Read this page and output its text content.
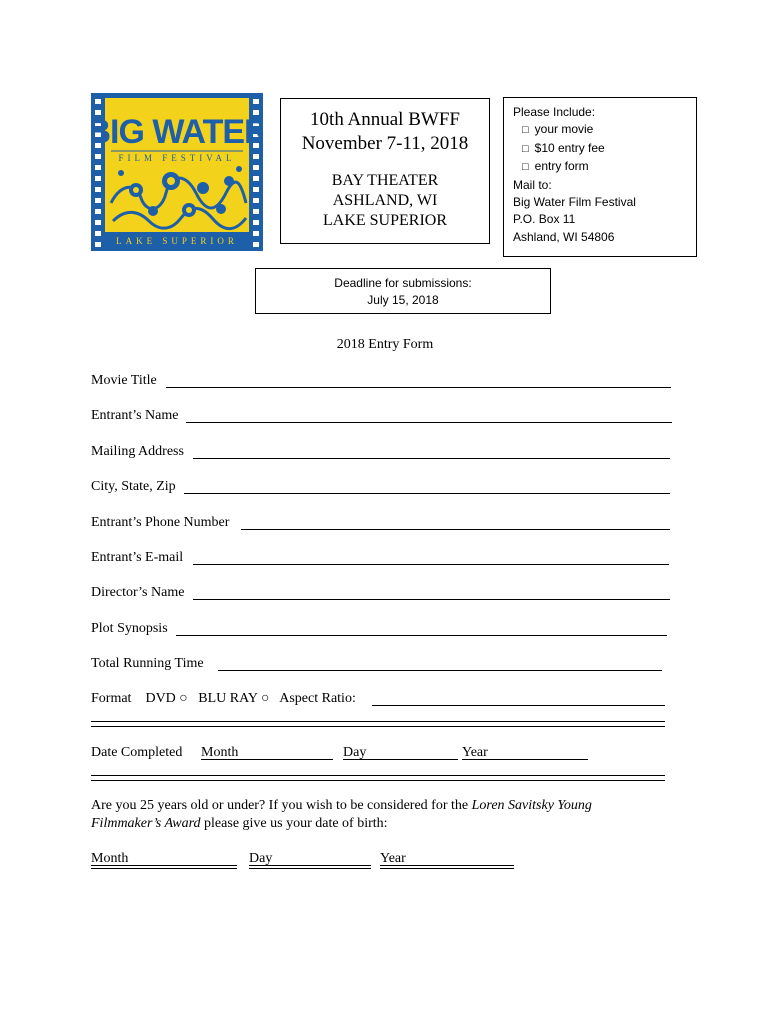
BIG WATER
FILM FESTIVAL
LAKE SUPERIOR
10th Annual BWFF
November 7-11, 2018
BAY THEATER
ASHLAND, WI
LAKE SUPERIOR
Please Include:
□ your movie
□ $10 entry fee
□ entry form
Mail to:
Big Water Film Festival
P.O. Box 11
Ashland, WI 54806
Deadline for submissions:
July 15, 2018
2018 Entry Form
Movie Title
Entrant’s Name
Mailing Address
City, State, Zip
Entrant’s Phone Number
Entrant’s E-mail
Director’s Name
Plot Synopsis
Total Running Time
Format DVD ○ BLU RAY ○ Aspect Ratio:
Date Completed Month	Day	Year
Are you 25 years old or under? If you wish to be considered for the Loren Savitsky Young
Filmmaker’s Award please give us your date of birth:
Month	Day	Year
